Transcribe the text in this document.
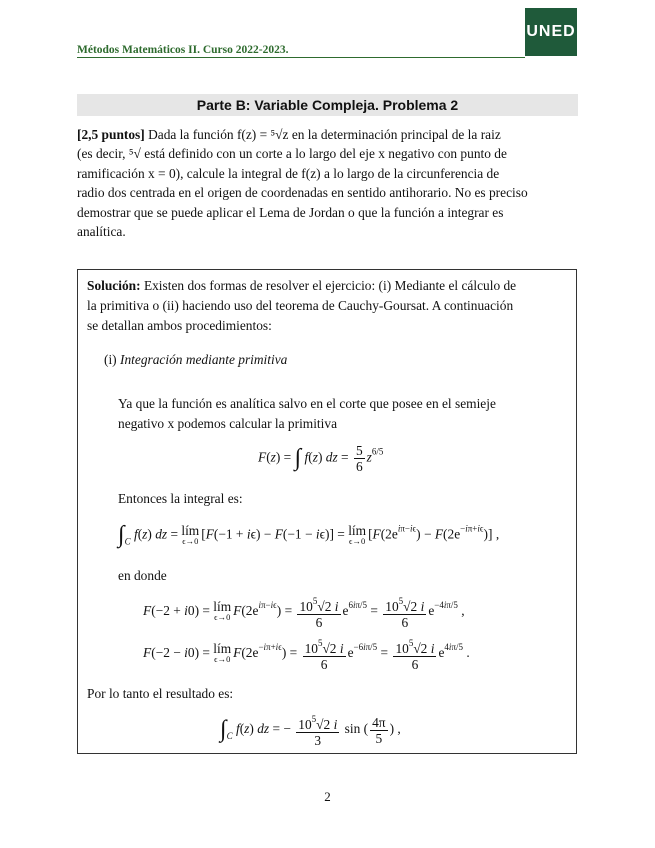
Métodos Matemáticos II. Curso 2022-2023.
UNED
Parte B: Variable Compleja. Problema 2
[2,5 puntos] Dada la función f(z) = ⁵√z en la determinación principal de la raiz
(es decir, ⁵√ está definido con un corte a lo largo del eje x negativo con punto de
ramificación x = 0), calcule la integral de f(z) a lo largo de la circunferencia de
radio dos centrada en el origen de coordenadas en sentido antihorario. No es preciso
demostrar que se puede aplicar el Lema de Jordan o que la función a integrar es
analítica.
Solución: Existen dos formas de resolver el ejercicio: (i) Mediante el cálculo de
la primitiva o (ii) haciendo uso del teorema de Cauchy-Goursat. A continuación
se detallan ambos procedimientos:
(i) Integración mediante primitiva
Ya que la función es analítica salvo en el corte que posee en el semieje
negativo x podemos calcular la primitiva
F(z) = ∫ f(z) dz = $\frac{5}{6} z^{6/5}$
Entonces la integral es:
$\int_C$ f(z) dz = lím
ϵ→0 [F(−1 + iϵ) − F(−1 − iϵ)] = lím
ϵ→0 $[F(2e^{i\pi-i\epsilon}) - F(2e^{-i\pi+i\epsilon})]$ ,
en donde
F(−2 + i0) = lím
ϵ→0 $F(2e^{i\pi-i\epsilon}) = \frac{10^5√2 i}{6} e^{6i\pi/5} = \frac{10^5√2 i}{6} e^{-4i\pi/5}$ ,
F(−2 − i0) = lím
ϵ→0 $F(2e^{-i\pi+i\epsilon}) = \frac{10^5√2 i}{6} e^{-6i\pi/5} = \frac{10^5√2 i}{6} e^{4i\pi/5}$ .
Por lo tanto el resultado es:
$\int_C$ f(z) dz = − $\frac{10^5√2 i}{3}$ sin ( $\frac{4\pi}{5}$ ) ,
2
